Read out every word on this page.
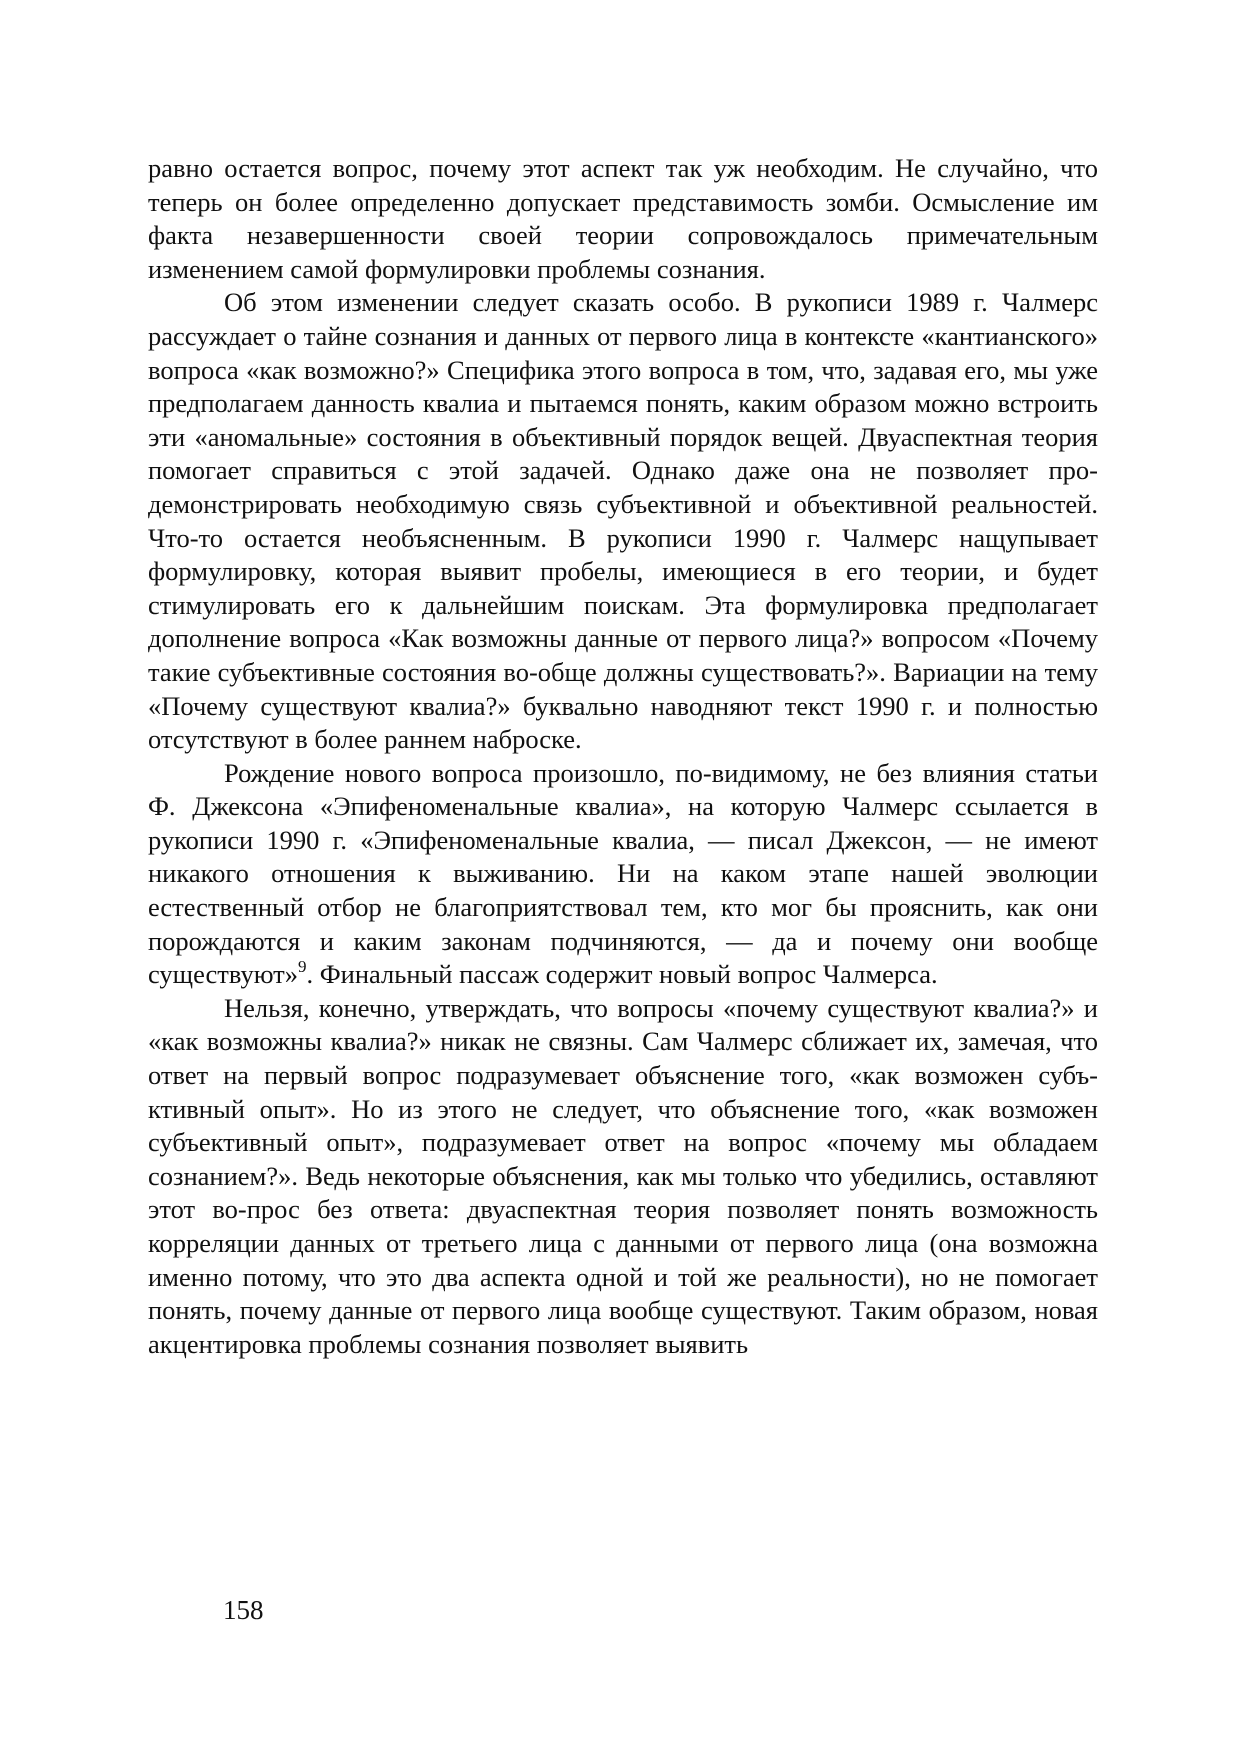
равно остается вопрос, почему этот аспект так уж необходим. Не случайно, что теперь он более определенно допускает представимость зомби. Осмысление им факта незавершенности своей теории сопровождалось примечательным изменением самой формулировки проблемы сознания.

Об этом изменении следует сказать особо. В рукописи 1989 г. Чалмерс рассуждает о тайне сознания и данных от первого лица в контексте «кантианского» вопроса «как возможно?» Специфика этого вопроса в том, что, задавая его, мы уже предполагаем данность квалиа и пытаемся понять, каким образом можно встроить эти «аномальные» состояния в объективный порядок вещей. Двуаспектная теория помогает справиться с этой задачей. Однако даже она не позволяет про-демонстрировать необходимую связь субъективной и объективной реальностей. Что-то остается необъясненным. В рукописи 1990 г. Чалмерс нащупывает формулировку, которая выявит пробелы, имеющиеся в его теории, и будет стимулировать его к дальнейшим поискам. Эта формулировка предполагает дополнение вопроса «Как возможны данные от первого лица?» вопросом «Почему такие субъективные состояния во-обще должны существовать?». Вариации на тему «Почему существуют квалиа?» буквально наводняют текст 1990 г. и полностью отсутствуют в более раннем наброске.

Рождение нового вопроса произошло, по-видимому, не без влияния статьи Ф. Джексона «Эпифеноменальные квалиа», на которую Чалмерс ссылается в рукописи 1990 г. «Эпифеноменальные квалиа, — писал Джексон, — не имеют никакого отношения к выживанию. Ни на каком этапе нашей эволюции естественный отбор не благоприятствовал тем, кто мог бы прояснить, как они порождаются и каким законам подчиняются, — да и почему они вообще существуют»$^9$. Финальный пассаж содержит новый вопрос Чалмерса.

Нельзя, конечно, утверждать, что вопросы «почему существуют квалиа?» и «как возможны квалиа?» никак не связны. Сам Чалмерс сближает их, замечая, что ответ на первый вопрос подразумевает объяснение того, «как возможен субъ-ктивный опыт». Но из этого не следует, что объяснение того, «как возможен субъективный опыт», подразумевает ответ на вопрос «почему мы обладаем сознанием?». Ведь некоторые объяснения, как мы только что убедились, оставляют этот во-прос без ответа: двуаспектная теория позволяет понять возможность корреляции данных от третьего лица с данными от первого лица (она возможна именно потому, что это два аспекта одной и той же реальности), но не помогает понять, почему данные от первого лица вообще существуют. Таким образом, новая акцентировка проблемы сознания позволяет выявить

158
